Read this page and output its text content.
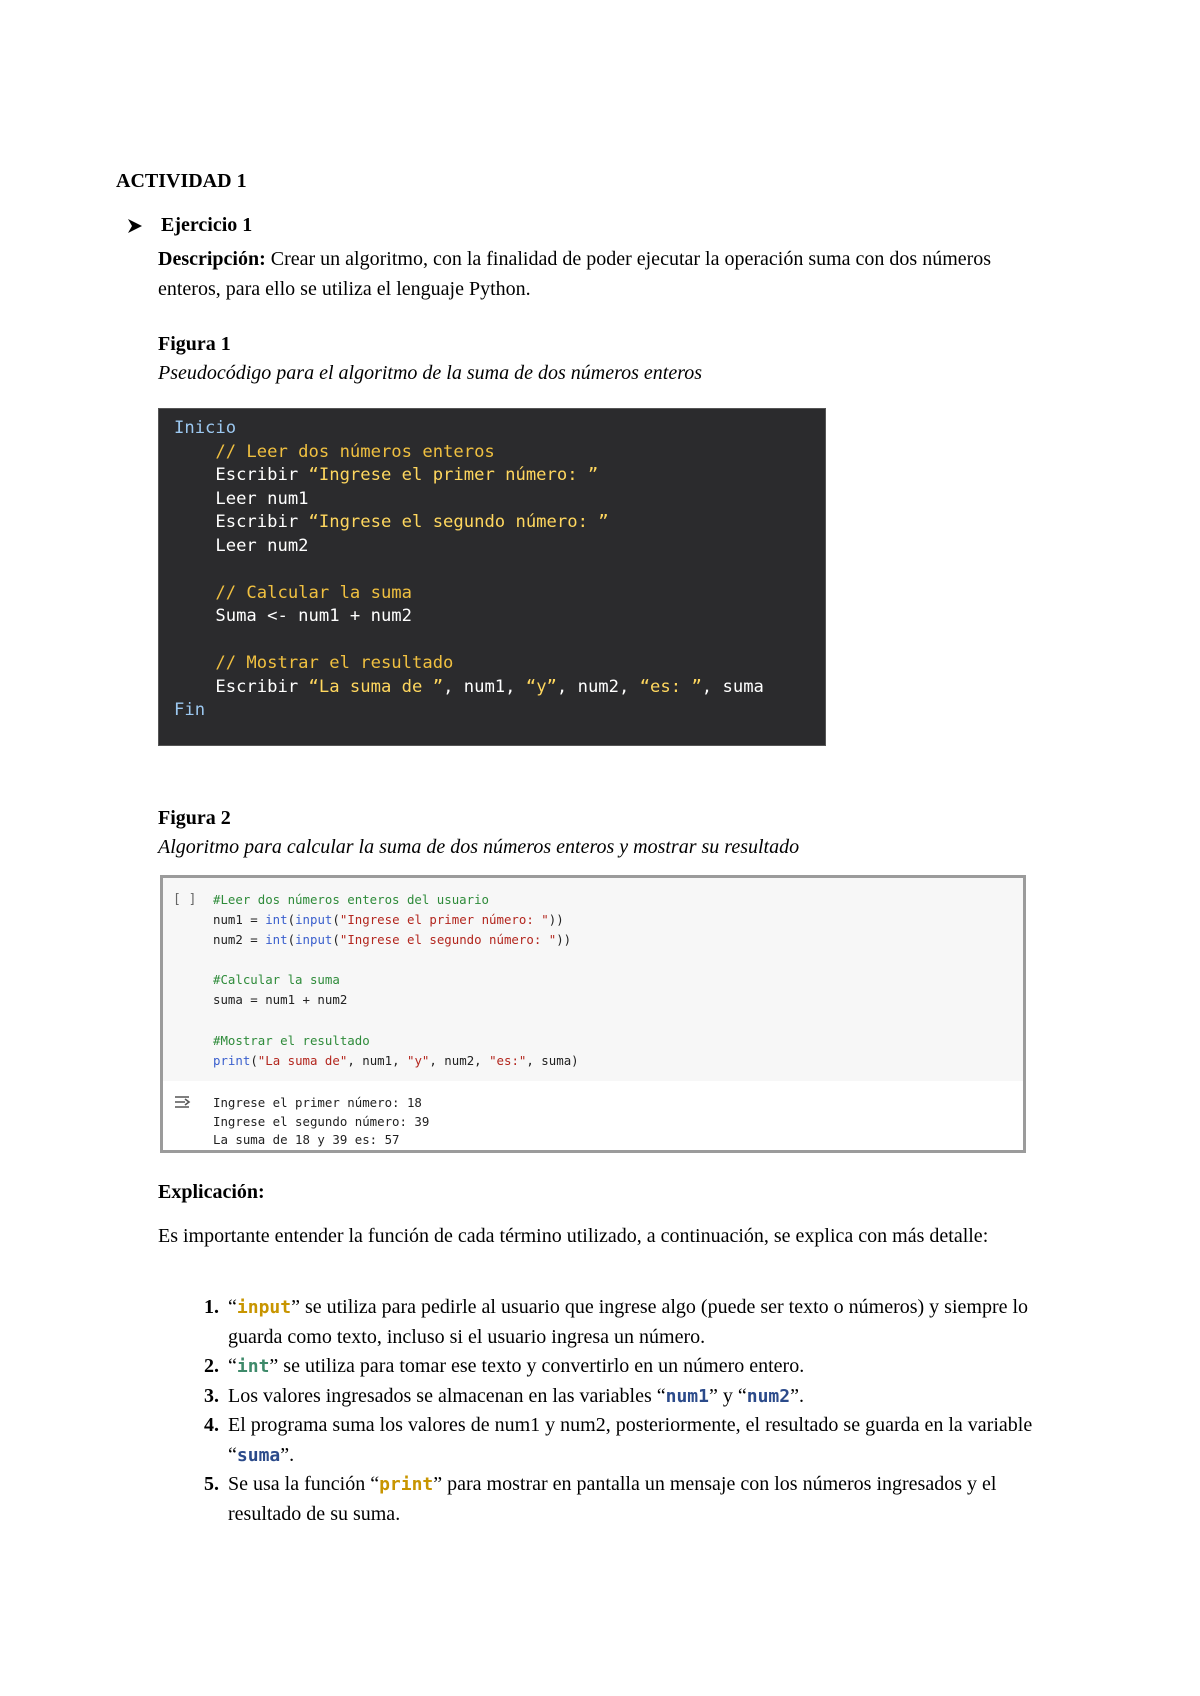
ACTIVIDAD 1
Ejercicio 1
Descripción: Crear un algoritmo, con la finalidad de poder ejecutar la operación suma con dos números enteros, para ello se utiliza el lenguaje Python.
Figura 1
Pseudocódigo para el algoritmo de la suma de dos números enteros
Inicio
// Leer dos números enteros
Escribir “Ingrese el primer número: ”
Leer num1
Escribir “Ingrese el segundo número: ”
Leer num2

// Calcular la suma
Suma <- num1 + num2

// Mostrar el resultado
Escribir “La suma de ”, num1, “y”, num2, “es: ”, suma
Fin
Figura 2
Algoritmo para calcular la suma de dos números enteros y mostrar su resultado
[ ] #Leer dos números enteros del usuario
num1 = int(input("Ingrese el primer número: "))
num2 = int(input("Ingrese el segundo número: "))

#Calcular la suma
suma = num1 + num2

#Mostrar el resultado
print("La suma de", num1, "y", num2, "es:", suma)
Ingrese el primer número: 18
Ingrese el segundo número: 39
La suma de 18 y 39 es: 57
Explicación:
Es importante entender la función de cada término utilizado, a continuación, se explica con más detalle:
1. “input” se utiliza para pedirle al usuario que ingrese algo (puede ser texto o números) y siempre lo guarda como texto, incluso si el usuario ingresa un número.
2. “int” se utiliza para tomar ese texto y convertirlo en un número entero.
3. Los valores ingresados se almacenan en las variables “num1” y “num2”.
4. El programa suma los valores de num1 y num2, posteriormente, el resultado se guarda en la variable “suma”.
5. Se usa la función “print” para mostrar en pantalla un mensaje con los números ingresados y el resultado de su suma.
